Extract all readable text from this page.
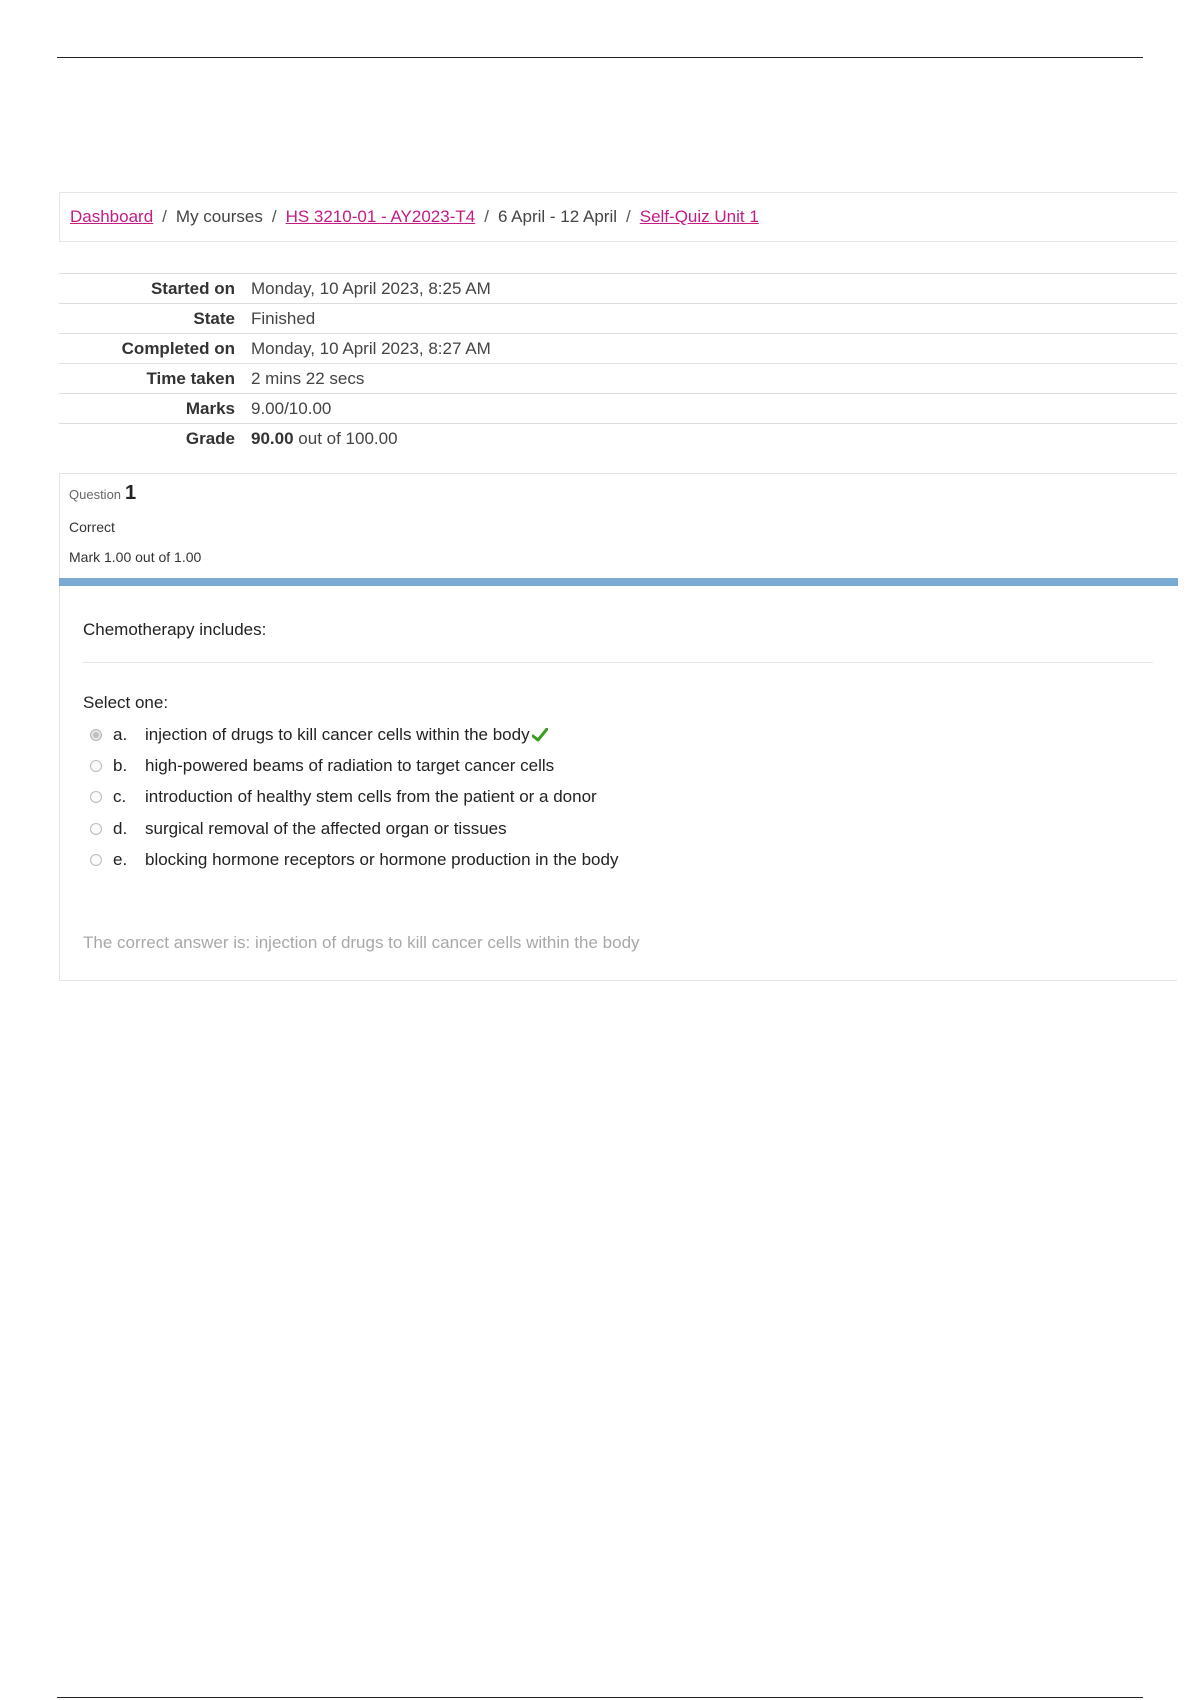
Dashboard / My courses / HS 3210-01 - AY2023-T4 / 6 April - 12 April / Self-Quiz Unit 1
Started on	Monday, 10 April 2023, 8:25 AM
State	Finished
Completed on	Monday, 10 April 2023, 8:27 AM
Time taken	2 mins 22 secs
Marks	9.00/10.00
Grade	90.00 out of 100.00
Question 1
Correct
Mark 1.00 out of 1.00
Chemotherapy includes:
Select one:
a.	injection of drugs to kill cancer cells within the body
b.	high-powered beams of radiation to target cancer cells
c.	introduction of healthy stem cells from the patient or a donor
d.	surgical removal of the affected organ or tissues
e.	blocking hormone receptors or hormone production in the body
The correct answer is: injection of drugs to kill cancer cells within the body
